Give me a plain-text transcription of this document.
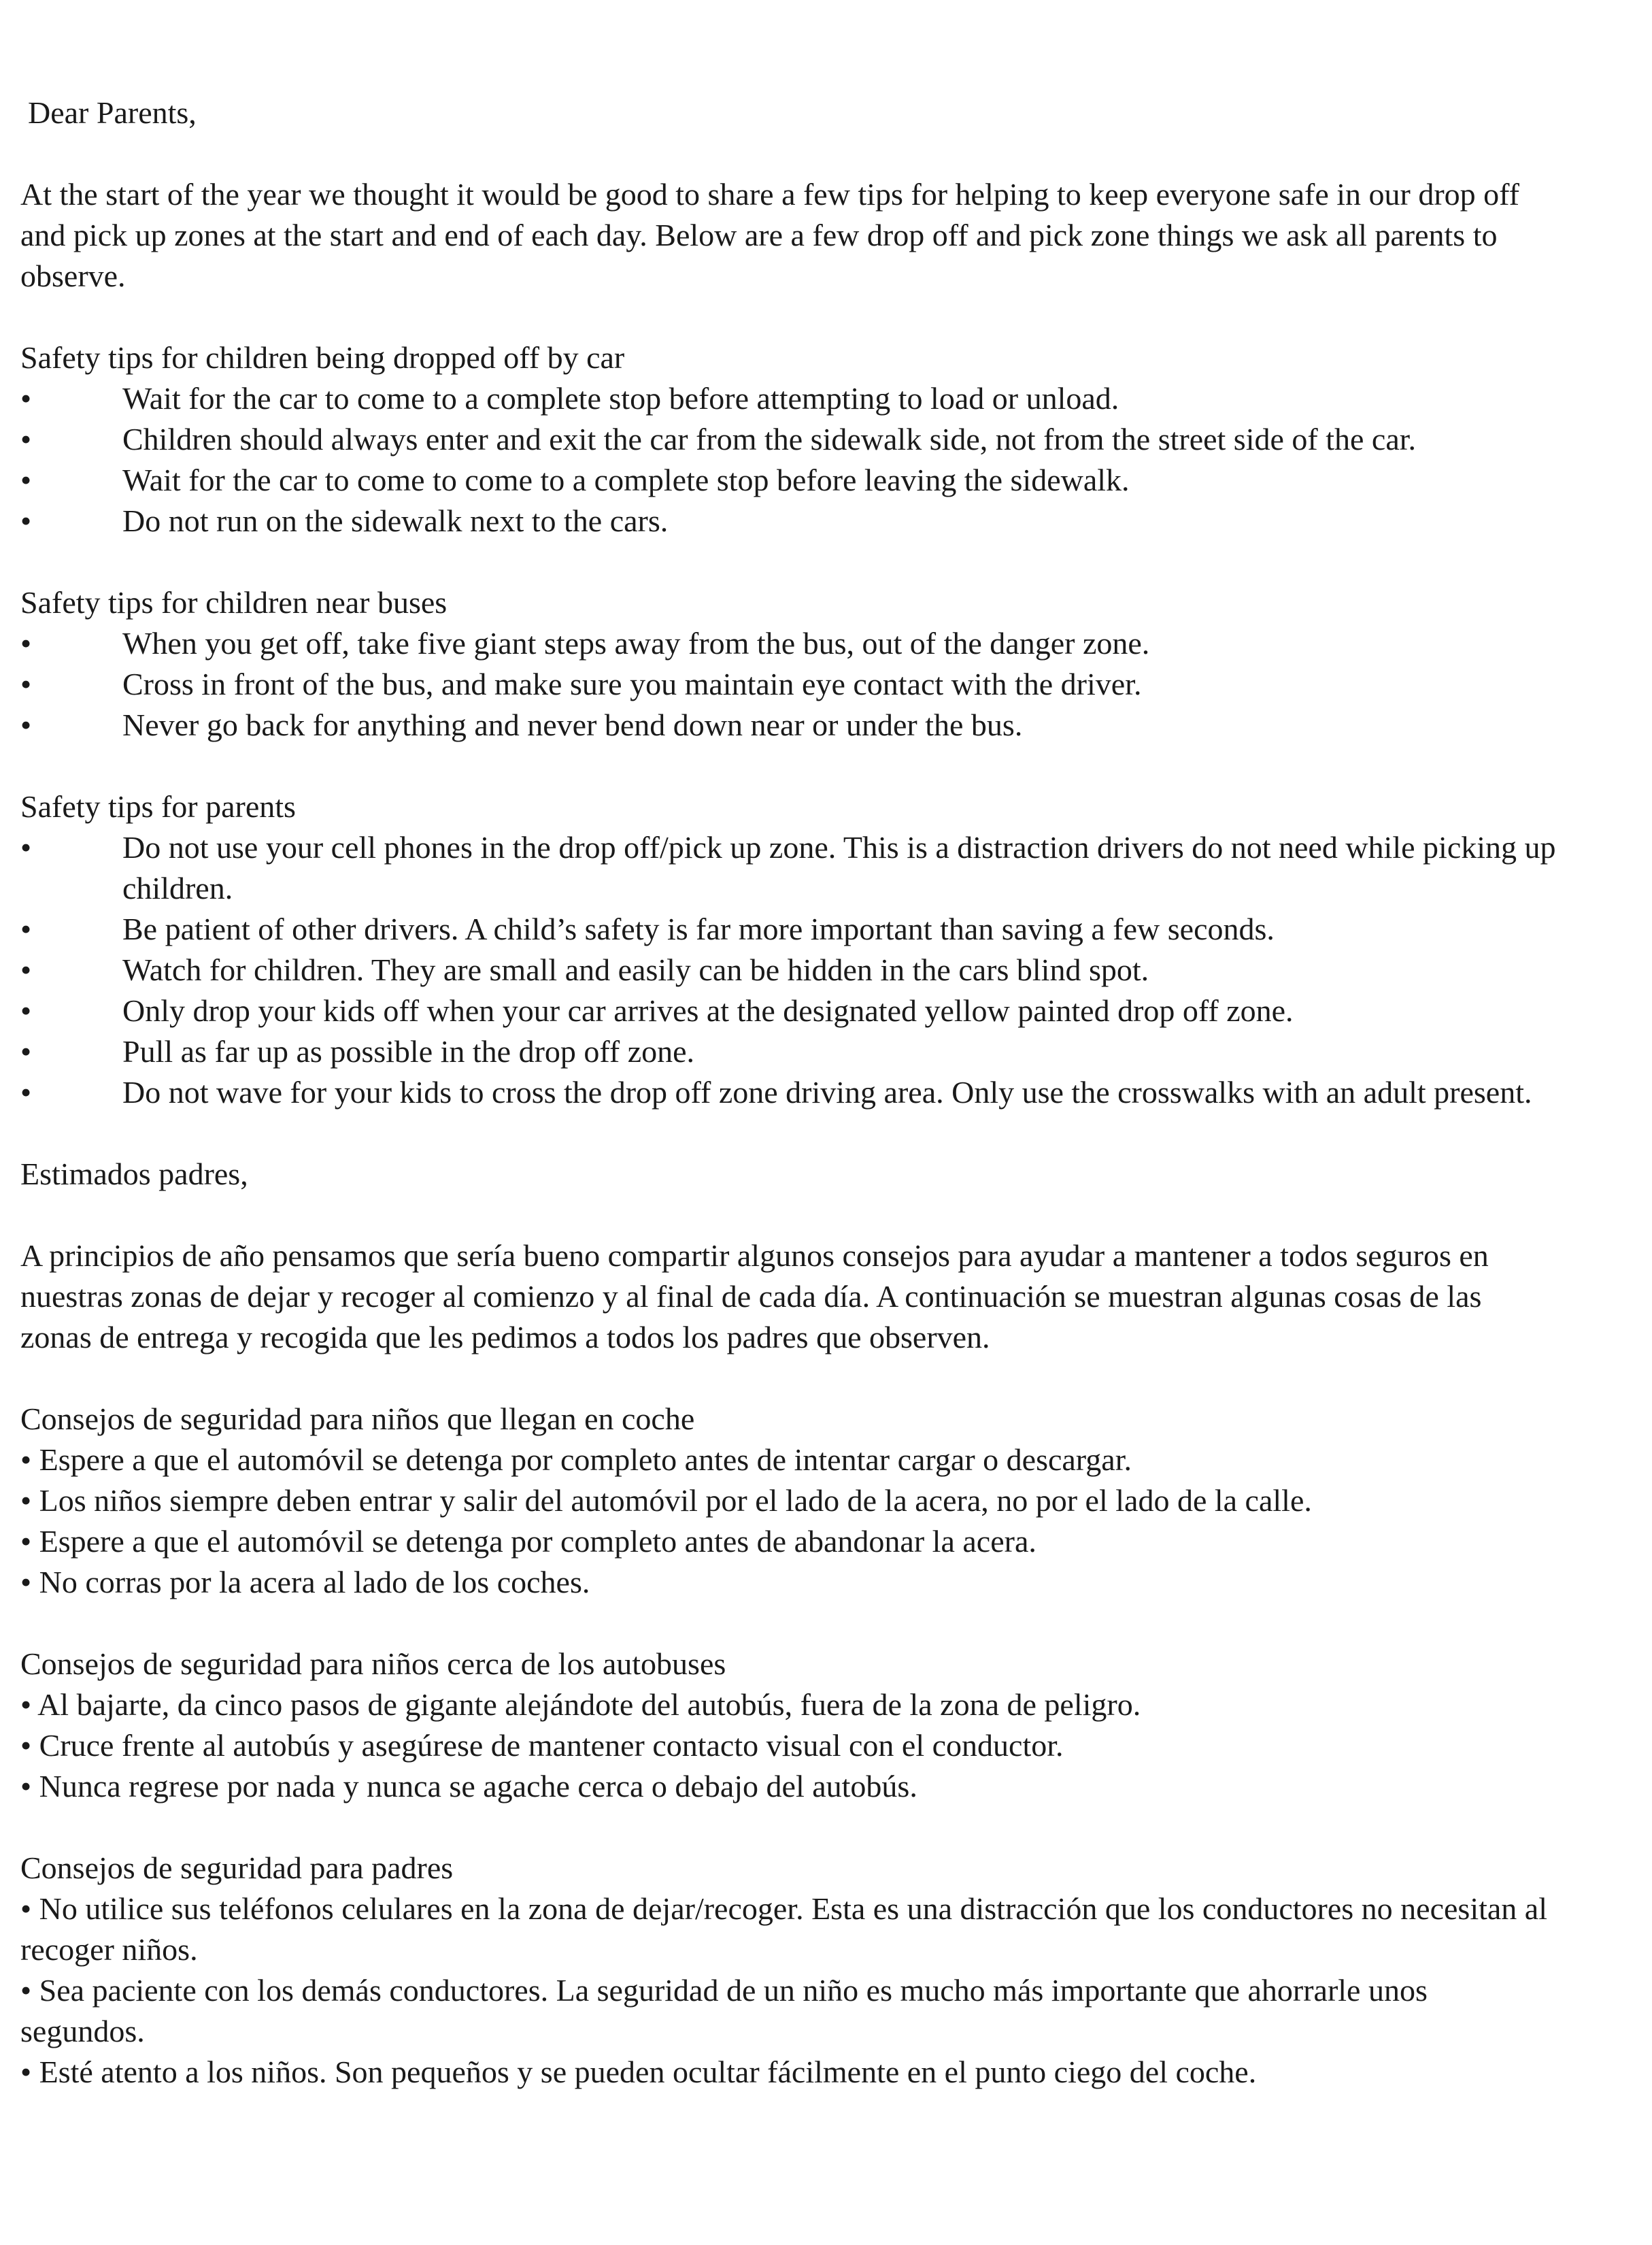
Dear Parents,

At the start of the year we thought it would be good to share a few tips for helping to keep everyone safe in our drop off and pick up zones at the start and end of each day. Below are a few drop off and pick zone things we ask all parents to observe.

Safety tips for children being dropped off by car

•	Wait for the car to come to a complete stop before attempting to load or unload.
•	Children should always enter and exit the car from the sidewalk side, not from the street side of the car.
•	Wait for the car to come to come to a complete stop before leaving the sidewalk.
•	Do not run on the sidewalk next to the cars.

Safety tips for children near buses

•	When you get off, take five giant steps away from the bus, out of the danger zone.
•	Cross in front of the bus, and make sure you maintain eye contact with the driver.
•	Never go back for anything and never bend down near or under the bus.

Safety tips for parents

•	Do not use your cell phones in the drop off/pick up zone. This is a distraction drivers do not need while picking up children.
•	Be patient of other drivers. A child’s safety is far more important than saving a few seconds.
•	Watch for children. They are small and easily can be hidden in the cars blind spot.
•	Only drop your kids off when your car arrives at the designated yellow painted drop off zone.
•	Pull as far up as possible in the drop off zone.
•	Do not wave for your kids to cross the drop off zone driving area. Only use the crosswalks with an adult present.

Estimados padres,

A principios de año pensamos que sería bueno compartir algunos consejos para ayudar a mantener a todos seguros en nuestras zonas de dejar y recoger al comienzo y al final de cada día. A continuación se muestran algunas cosas de las zonas de entrega y recogida que les pedimos a todos los padres que observen.

Consejos de seguridad para niños que llegan en coche

• Espere a que el automóvil se detenga por completo antes de intentar cargar o descargar.

• Los niños siempre deben entrar y salir del automóvil por el lado de la acera, no por el lado de la calle.

• Espere a que el automóvil se detenga por completo antes de abandonar la acera.

• No corras por la acera al lado de los coches.

Consejos de seguridad para niños cerca de los autobuses

• Al bajarte, da cinco pasos de gigante alejándote del autobús, fuera de la zona de peligro.

• Cruce frente al autobús y asegúrese de mantener contacto visual con el conductor.

• Nunca regrese por nada y nunca se agache cerca o debajo del autobús.

Consejos de seguridad para padres

• No utilice sus teléfonos celulares en la zona de dejar/recoger. Esta es una distracción que los conductores no necesitan al recoger niños.

• Sea paciente con los demás conductores. La seguridad de un niño es mucho más importante que ahorrarle unos segundos.

• Esté atento a los niños. Son pequeños y se pueden ocultar fácilmente en el punto ciego del coche.
